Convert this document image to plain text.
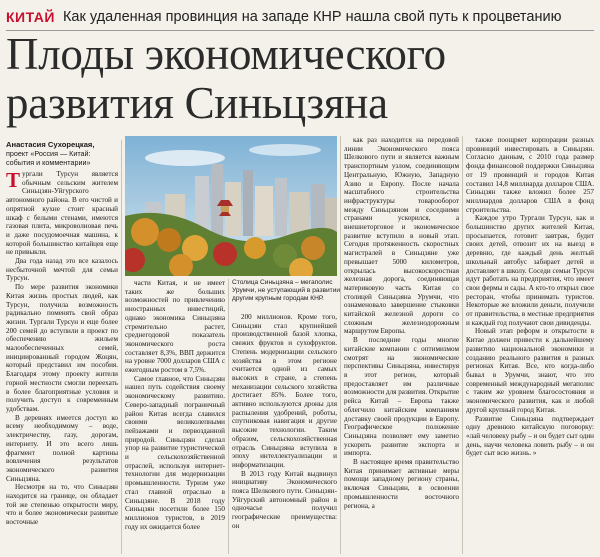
КИТАЙ Как удаленная провинция на западе КНР нашла свой путь к процветанию
Плоды экономического
развития Синьцзяна
Анастасия Сухорецкая,
проект «Россия — Китай: события и комментарии»

Тургали Турсун является обычным сельским жителем Синьцзян-Уйгурского автономного района. В его чистой и опрятной кухне стоит красный шкаф с белыми стенами, имеются газовая плита, микроволновая печь и даже посудомоечная машина, к которой большинство китайцев еще не привыкли.

Два года назад это все казалось несбыточной мечтой для семьи Турсун.

По мере развития экономики Китая жизнь простых людей, как Турсун, получила возможность радикально поменять свой образ жизни. Тургали Турсун и еще более 200 семей до вступили в проект по обеспечению жильем малообеспеченных семей, инициированный городом Жоцян, который представил им пособия. Благодаря этому проекту жители горной местности смогли переехать в более благоприятные условия и получить доступ к современным удобствам.

В деревнях имеется доступ ко всему необходимому – воде, электричеству, газу, дорогам, интернету. И это всего лишь фрагмент полной картины вовлечения результатов экономического развития Синьцзяна.

Несмотря на то, что Синьцзян находится на границе, он обладает той же степенью открытости миру, что и более экономически развитые восточные

Столица Синьцзяна – мегаполис Урумчи, не уступающий в развитии другим крупным городам КНР.

части Китая, и не имеет таких же больших возможностей по привлечению иностранных инвестиций, однако экономика Синьцзяна стремительно растет, среднегодовой показатель экономического роста составляет 8,3%, ВВП держится на уровне 7000 долларов США с ежегодным ростом в 7,5%.

Самое главное, что Синьцзян нашел путь содействия своему экономическому развитию. Северо-западный пограничный район Китая всегда славился своими великолепными пейзажами и первозданной природой. Синьцзян сделал упор на развитие туристической и сельскохозяйственной отраслей, используя интернет-технологии для модернизации промышленности. Туризм уже стал главной отраслью в Синьцзяне. В 2018 году Синьцзян посетили более 150 миллионов туристов, в 2019 году их ожидается более

200 миллионов. Кроме того, Синьцзян стал крупнейшей производственной базой хлопка, свежих фруктов и сухофруктов. Степень модернизации сельского хозяйства в этом регионе считается одной из самых высоких в стране, а степень механизации сельского хозяйства достигает 85%. Более того, активно используются дроны для распыления удобрений, роботы, спутниковая навигация и другие высокие технологии. Таким образом, сельскохозяйственная отрасль Синьцзяна вступила в эпоху интеллектуализации и информатизации.

В 2013 году Китай выдвинул инициативу Экономического пояса Шелкового пути. Синьцзян-Уйгурский автономный район в одночасье получил географические преимущества: он

как раз находится на передовой линии Экономического пояса Шелкового пути и является важным транспортным узлом, соединяющим Центральную, Южную, Западную Азию и Европу. После начала масштабного строительства инфраструктуры товарооборот между Синьцзяном и соседними странами ускорился, а внешнеторговое и экономическое развитие вступило в новый этап. Сегодня протяженность скоростных магистралей в Синьцзяне уже превышает 5000 километров, открылась высокоскоростная железная дорога, соединяющая материковую часть Китая со столицей Синьцзяна Урумчи, что ознаменовало завершение стыковки китайской железной дороги со сложным железнодорожным маршрутом Европы.

В последние годы многие китайские компании с оптимизмом смотрят на экономические перспективы Синьцзяна, инвестируя в этот регион, который предоставляет им различные возможности для развития. Открытие рейса Китай – Европа также облегчило китайским компаниям доставку своей продукции в Европу. Географическое положение Синьцзяна позволяет ему заметно ускорить развитие экспорта и импорта.

В настоящее время правительство Китая принимает активные меры помощи западному региону страны, включая Синьцзян, в освоении промышленности восточного региона, а

также поощряет корпорации разных провинций инвестировать в Синьцзян. Согласно данным, с 2010 года размер фонда финансовой поддержки Синьцзяна от 19 провинций и городов Китая составил 14,8 миллиарда долларов США. Синьцзян также вложил более 257 миллиардов долларов США в фонд строительства.

Каждое утро Тургали Турсун, как и большинство других жителей Китая, просыпается, готовит завтрак, будит своих детей, отвозит их на выезд в деревню, где каждый день желтый школьный автобус забирает детей и доставляет в школу. Соседи семьи Турсун идут работать на предприятия, что имеет свои фермы и сады. А кто-то открыл свое ресторан, чтобы принимать туристов. Некоторые же вложили деньги, получили от правительства, в местные предприятия и каждый год получают свои дивиденды.

Новый этап реформ и открытости в Китае должен привести к дальнейшему развитию национальной экономики и созданию реального развития в разных регионах Китая. Все, кто когда-либо бывал в Урумчи, знают, что это современный международный мегаполис с таким же уровнем благосостояния и экономического развития, как и любой другой крупный город Китая.

Развитие Синьцзяна подтверждает одну древнюю китайскую поговорку: «лай человеку рыбу – и он будет сыт один день, научи человека ловить рыбу – и он будет сыт всю жизнь. »
